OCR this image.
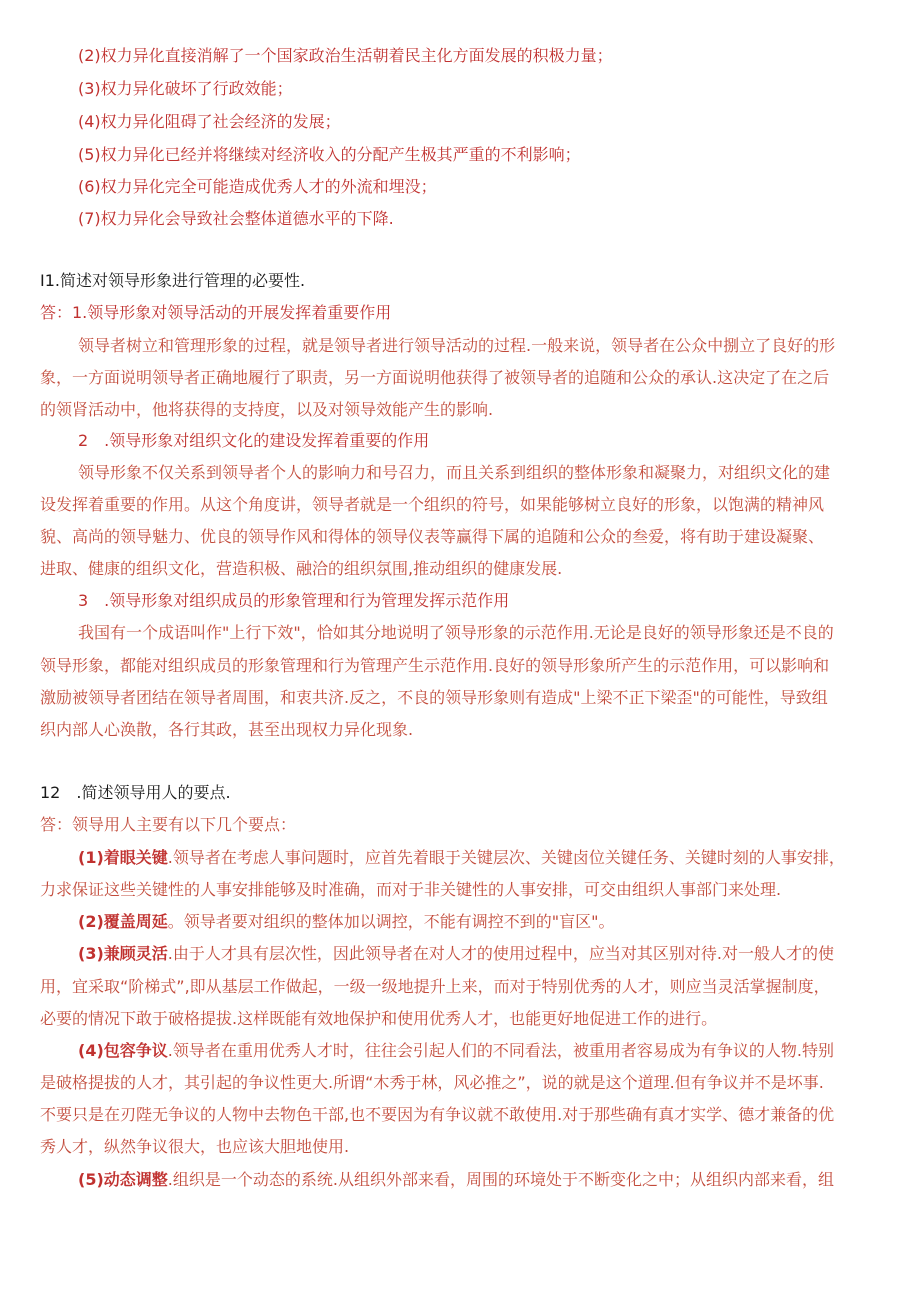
(2)权力异化直接消解了一个国家政治生活朝着民主化方面发展的积极力量；
(3)权力异化破坏了行政效能；
(4)权力异化阻碍了社会经济的发展；
(5)权力异化已经并将继续对经济收入的分配产生极其严重的不利影响；
(6)权力异化完全可能造成优秀人才的外流和埋没；
(7)权力异化会导致社会整体道德水平的下降.
I1.简述对领导形象进行管理的必要性.
答：1.领导形象对领导活动的开展发挥着重要作用
领导者树立和管理形象的过程，就是领导者进行领导活动的过程.一般来说，领导者在公众中捌立了良好的形
象，一方面说明领导者正确地履行了职责，另一方面说明他获得了被领导者的追随和公众的承认.这决定了在之后
的领肾活动中，他将获得的支持度，以及对领导效能产生的影响.
2　.领导形象对组织文化的建设发挥着重要的作用
领导形象不仅关系到领导者个人的影响力和号召力，而且关系到组织的整体形象和凝聚力，对组织文化的建
设发挥着重要的作用。从这个角度讲，领导者就是一个组织的符号，如果能够树立良好的形象，以饱满的精神风
貌、高尚的领导魅力、优良的领导作风和得体的领导仪表等赢得下属的追随和公众的叁爱，将有助于建设凝聚、
进取、健康的组织文化，营造积极、融洽的组织氛围,推动组织的健康发展.
3　.领导形象对组织成员的形象管理和行为管理发挥示范作用
我国有一个成语叫作"上行下效"，恰如其分地说明了领导形象的示范作用.无论是良好的领导形象还是不良的
领导形象，都能对组织成员的形象管理和行为管理产生示范作用.良好的领导形象所产生的示范作用，可以影响和
激励被领导者团结在领导者周围，和衷共济.反之，不良的领导形象则有造成"上梁不正下梁歪"的可能性，导致组
织内部人心涣散，各行其政，甚至出现权力异化现象.
12　.简述领导用人的要点.
答：领导用人主要有以下几个要点：
(1)着眼关键.领导者在考虑人事问题时，应首先着眼于关键层次、关键卤位关键任务、关键时刻的人事安排，
力求保证这些关键性的人事安排能够及时准确，而对于非关键性的人事安排，可交由组织人事部门来处理.
(2)覆盖周延。领导者要对组织的整体加以调控，不能有调控不到的"盲区"。
(3)兼顾灵活.由于人才具有层次性，因此领导者在对人才的使用过程中，应当对其区别对待.对一般人才的使
用，宜采取“阶梯式”,即从基层工作做起，一级一级地提升上来，而对于特别优秀的人才，则应当灵活掌握制度，
必要的情况下敢于破格提拔.这样既能有效地保护和使用优秀人才，也能更好地促进工作的进行。
(4)包容争议.领导者在重用优秀人才时，往往会引起人们的不同看法，被重用者容易成为有争议的人物.特别
是破格提拔的人才，其引起的争议性更大.所谓“木秀于林，风必推之”，说的就是这个道理.但有争议并不是坏事.
不要只是在刃陛无争议的人物中去物色干部,也不要因为有争议就不敢使用.对于那些确有真才实学、德才兼备的优
秀人才，纵然争议很大，也应该大胆地使用.
(5)动态调整.组织是一个动态的系统.从组织外部来看，周围的环境处于不断变化之中；从组织内部来看，组
